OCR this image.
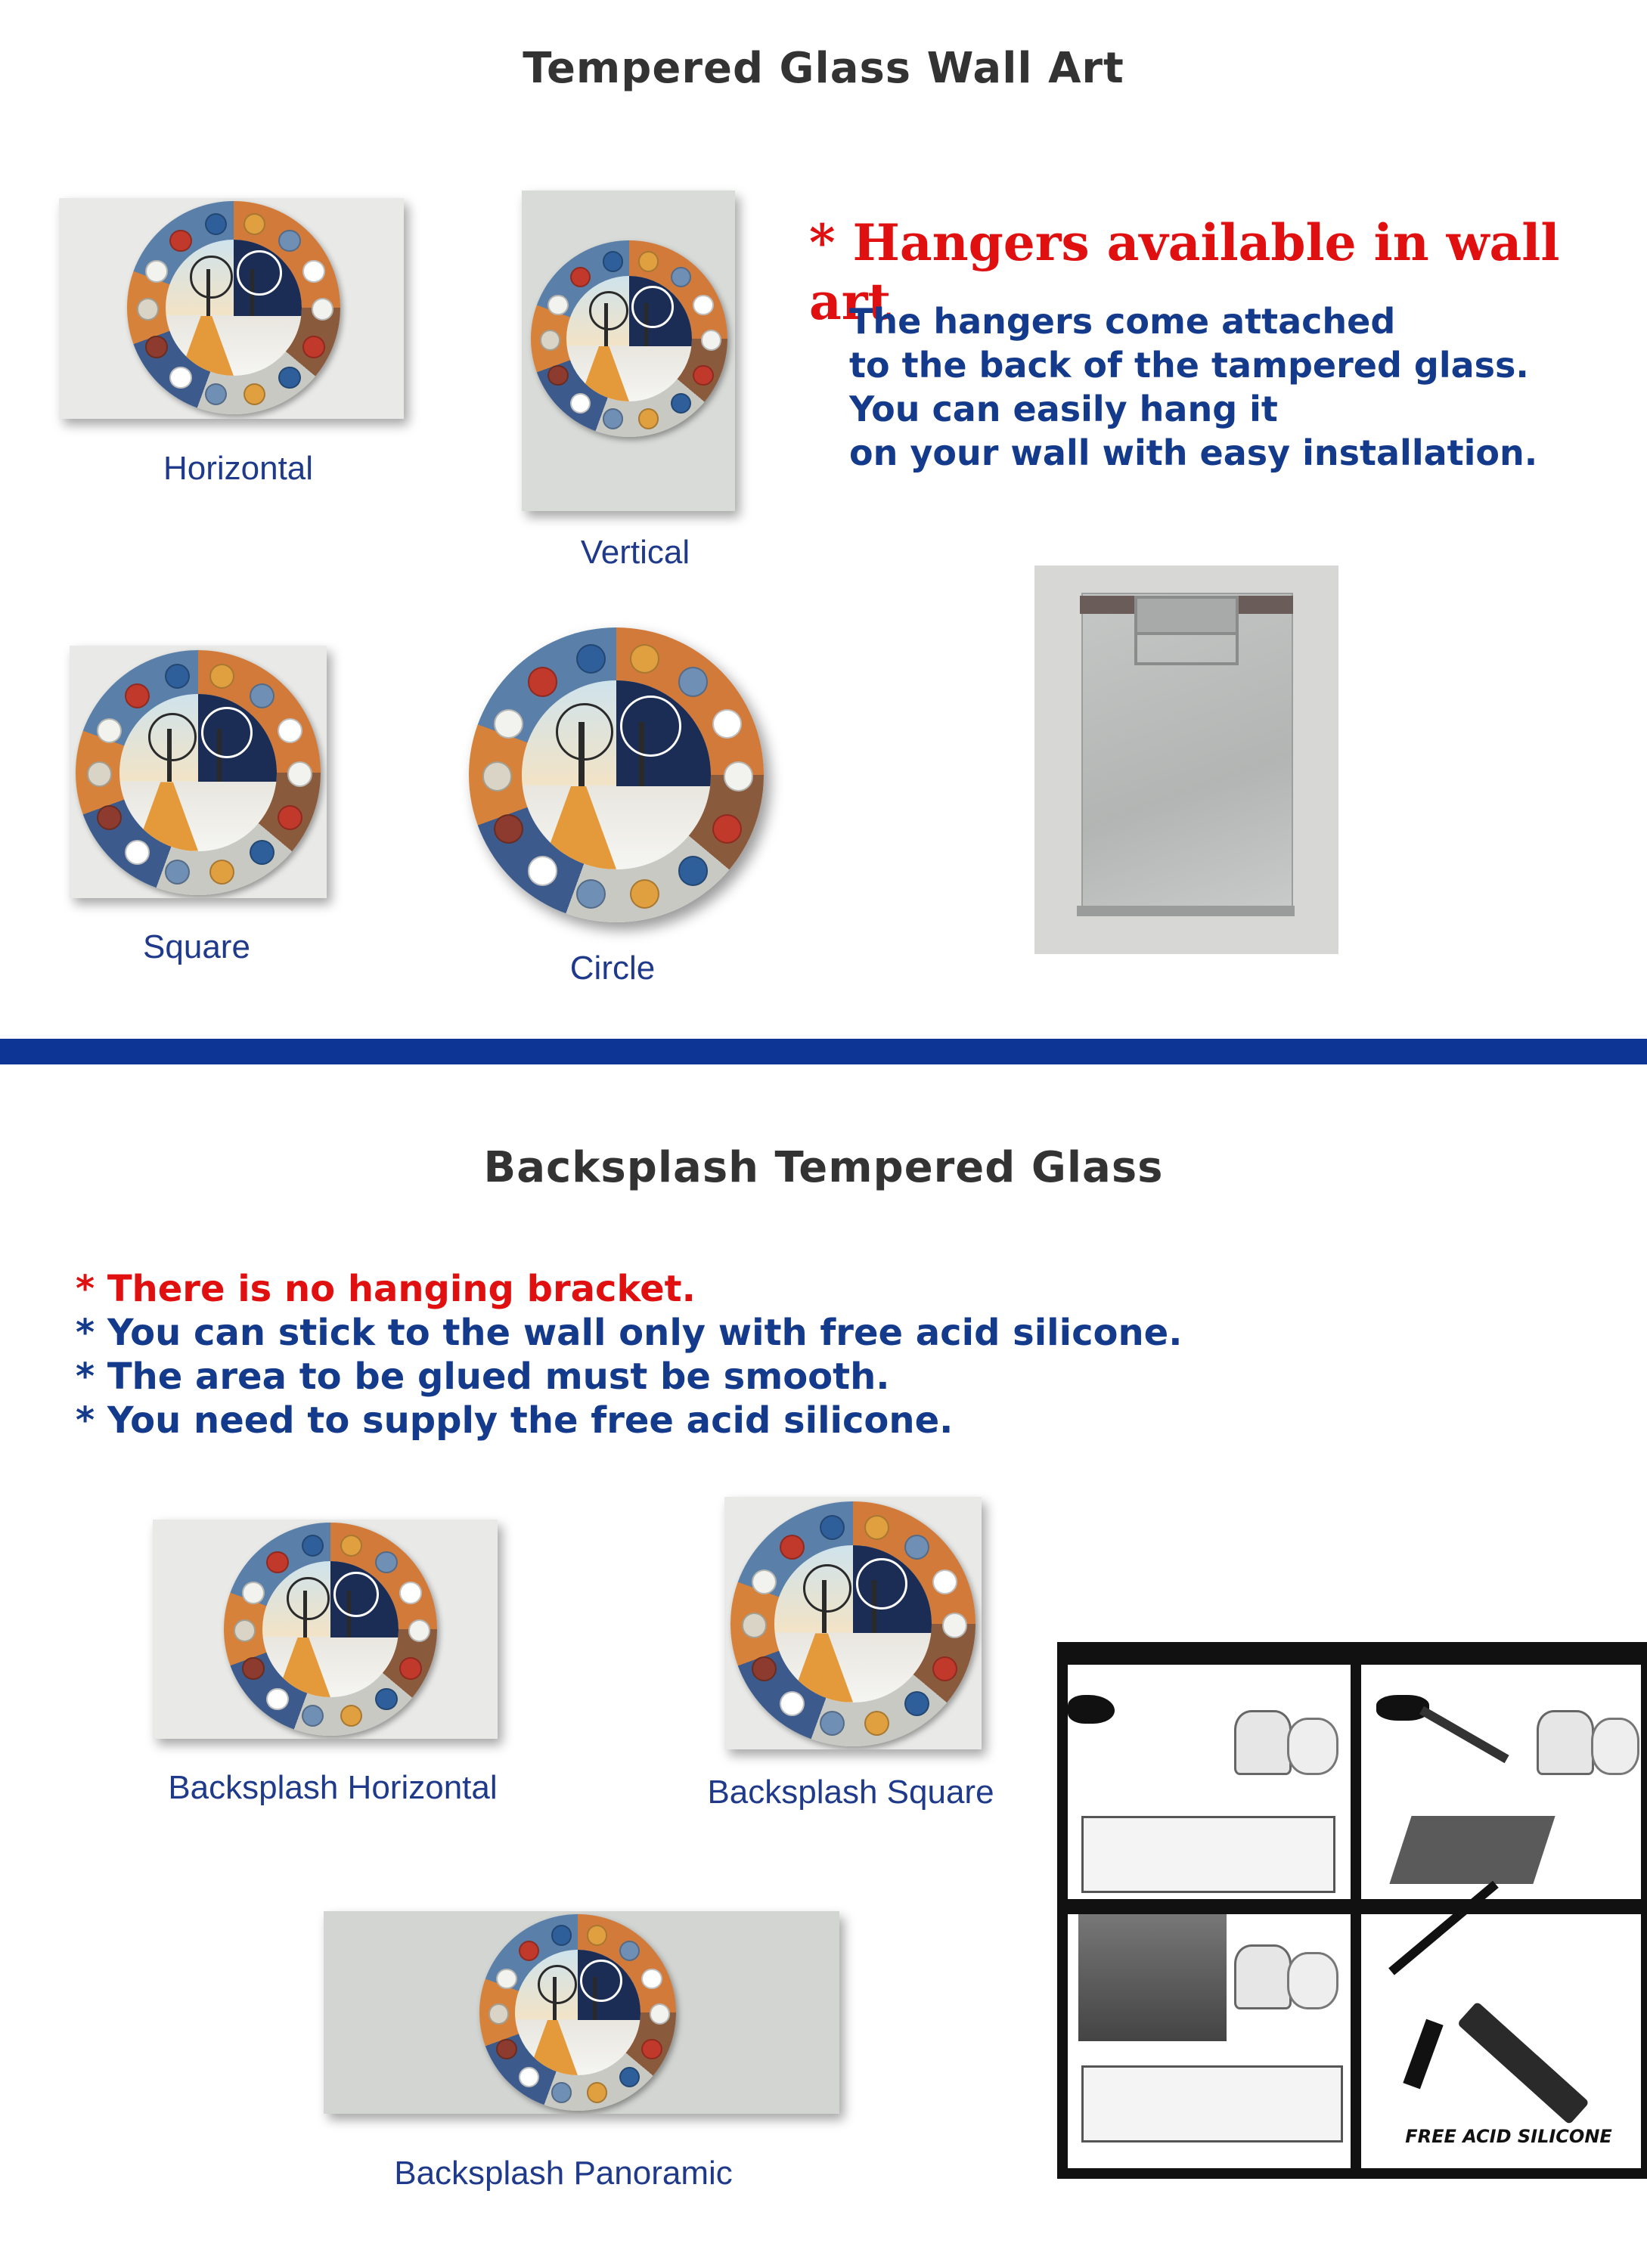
Tempered Glass Wall Art
Horizontal
Vertical
Square
Circle
* Hangers available in wall art
The hangers come attached
to the back of the tampered glass.
You can easily hang it
on your wall with easy installation.
Backsplash Tempered Glass
* There is no hanging bracket.
* You can stick to the wall only with free acid silicone.
* The area to be glued must be smooth.
* You need to supply the free acid silicone.
Backsplash Horizontal	Backsplash Square
Backsplash Panoramic
FREE ACID SILICONE
